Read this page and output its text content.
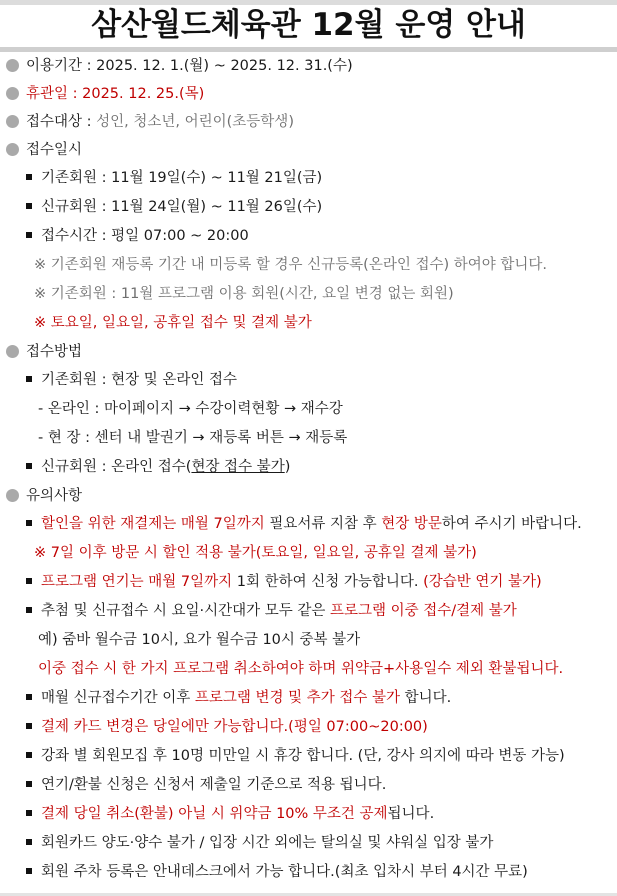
삼산월드체육관 12월 운영 안내
이용기간 : 2025. 12. 1.(월) ~ 2025. 12. 31.(수)
휴관일 : 2025. 12. 25.(목)
접수대상 : 성인, 청소년, 어린이(초등학생)
접수일시
기존회원 : 11월 19일(수) ~ 11월 21일(금)
신규회원 : 11월 24일(월) ~ 11월 26일(수)
접수시간 : 평일 07:00 ~ 20:00
※ 기존회원 재등록 기간 내 미등록 할 경우 신규등록(온라인 접수) 하여야 합니다.
※ 기존회원 : 11월 프로그램 이용 회원(시간, 요일 변경 없는 회원)
※ 토요일, 일요일, 공휴일 접수 및 결제 불가
접수방법
기존회원 : 현장 및 온라인 접수
- 온라인 : 마이페이지 → 수강이력현황 → 재수강
- 현 장 : 센터 내 발권기 → 재등록 버튼 → 재등록
신규회원 : 온라인 접수(현장 접수 불가)
유의사항
할인을 위한 재결제는 매월 7일까지 필요서류 지참 후 현장 방문하여 주시기 바랍니다.
※ 7일 이후 방문 시 할인 적용 불가(토요일, 일요일, 공휴일 결제 불가)
프로그램 연기는 매월 7일까지 1회 한하여 신청 가능합니다. (강습반 연기 불가)
추첨 및 신규접수 시 요일·시간대가 모두 같은 프로그램 이중 접수/결제 불가
예) 줌바 월수금 10시, 요가 월수금 10시 중복 불가
이중 접수 시 한 가지 프로그램 취소하여야 하며 위약금+사용일수 제외 환불됩니다.
매월 신규접수기간 이후 프로그램 변경 및 추가 접수 불가 합니다.
결제 카드 변경은 당일에만 가능합니다.(평일 07:00~20:00)
강좌 별 회원모집 후 10명 미만일 시 휴강 합니다. (단, 강사 의지에 따라 변동 가능)
연기/환불 신청은 신청서 제출일 기준으로 적용 됩니다.
결제 당일 취소(환불) 아닐 시 위약금 10% 무조건 공제됩니다.
회원카드 양도·양수 불가 / 입장 시간 외에는 탈의실 및 샤워실 입장 불가
회원 주차 등록은 안내데스크에서 가능 합니다.(최초 입차시 부터 4시간 무료)
